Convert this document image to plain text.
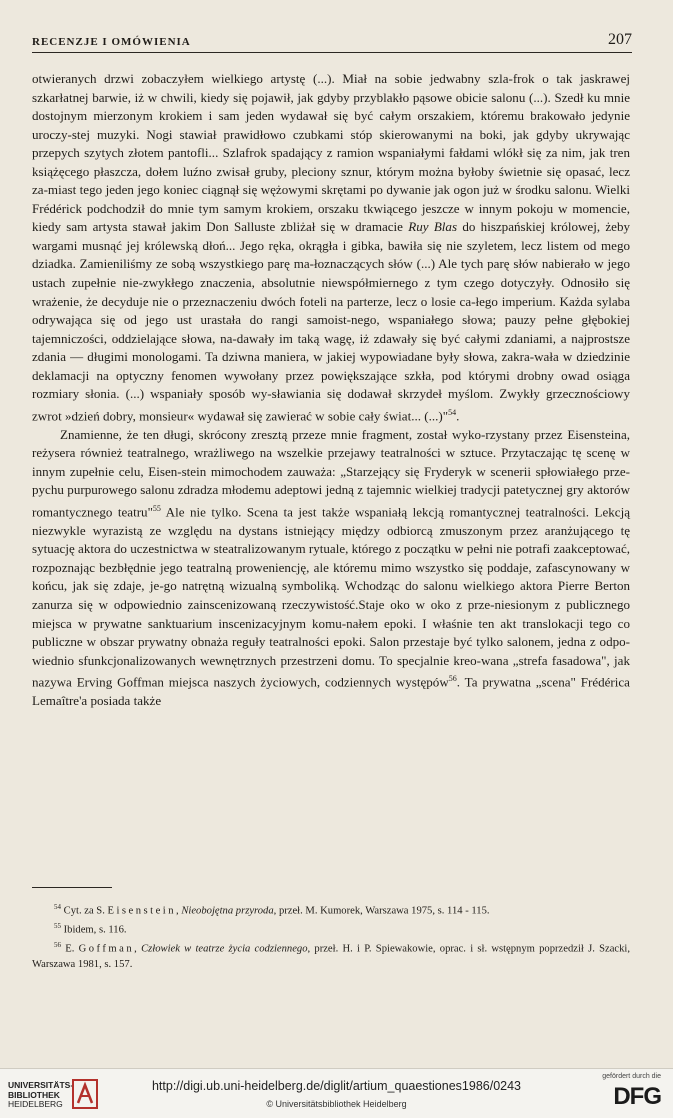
RECENZJE I OMÓWIENIA	207

otwieranych drzwi zobaczyłem wielkiego artystę (...). Miał na sobie jedwabny szla-frok o tak jaskrawej szkarłatnej barwie, iż w chwili, kiedy się pojawił, jak gdyby przyblakło pąsowe obicie salonu (...). Szedł ku mnie dostojnym mierzonym krokiem i sam jeden wydawał się być całym orszakiem, któremu brakowało jedynie uroczy-stej muzyki. Nogi stawiał prawidłowo czubkami stóp skierowanymi na boki, jak gdyby ukrywając przepych szytych złotem pantofli... Szlafrok spadający z ramion wspaniałymi fałdami wlókł się za nim, jak tren książęcego płaszcza, dołem luźno zwisał gruby, pleciony sznur, którym można byłoby świetnie się opasać, lecz za-miast tego jeden jego koniec ciągnął się wężowymi skrętami po dywanie jak ogon już w środku salonu. Wielki Frédérick podchodził do mnie tym samym krokiem, orszaku tkwiącego jeszcze w innym pokoju w momencie, kiedy sam artysta stawał jakim Don Salluste zbliżał się w dramacie Ruy Blas do hiszpańskiej królowej, żeby wargami musnąć jej królewską dłoń... Jego ręka, okrągła i gibka, bawiła się nie szyletem, lecz listem od mego dziadka. Zamieniliśmy ze sobą wszystkiego parę ma-łoznaczących słów (...) Ale tych parę słów nabierało w jego ustach zupełnie nie-zwykłego znaczenia, absolutnie niewspółmiernego z tym czego dotyczyły. Odnosiło się wrażenie, że decyduje nie o przeznaczeniu dwóch foteli na parterze, lecz o losie ca-łego imperium. Każda sylaba odrywająca się od jego ust urastała do rangi samoist-nego, wspaniałego słowa; pauzy pełne głębokiej tajemniczości, oddzielające słowa, na-dawały im taką wagę, iż zdawały się być całymi zdaniami, a najprostsze zdania — długimi monologami. Ta dziwna maniera, w jakiej wypowiadane były słowa, zakra-wała w dziedzinie deklamacji na optyczny fenomen wywołany przez powiększające szkła, pod którymi drobny owad osiąga rozmiary słonia. (...) wspaniały sposób wy-sławiania się dodawał skrzydeł myślom. Zwykły grzecznościowy zwrot »dzień dobry, monsieur« wydawał się zawierać w sobie cały świat... (...)"$^{54}$.

Znamienne, że ten długi, skrócony zresztą przeze mnie fragment, został wyko-rzystany przez Eisensteina, reżysera również teatralnego, wrażliwego na wszelkie przejawy teatralności w sztuce. Przytaczając tę scenę w innym zupełnie celu, Eisen-stein mimochodem zauważa: „Starzejący się Fryderyk w scenerii spłowiałego prze-pychu purpurowego salonu zdradza młodemu adeptowi jedną z tajemnic wielkiej tradycji patetycznej gry aktorów romantycznego teatru"$^{55}$ Ale nie tylko. Scena ta jest także wspaniałą lekcją romantycznej teatralności. Lekcją niezwykle wyrazistą ze względu na dystans istniejący między odbiorcą zmuszonym przez aranżującego tę sytuację aktora do uczestnictwa w steatralizowanym rytuale, którego z początku w pełni nie potrafi zaakceptować, rozpoznając bezbłędnie jego teatralną proweniencję, ale któremu mimo wszystko się poddaje, zafascynowany w końcu, jak się zdaje, je-go natrętną wizualną symboliką. Wchodząc do salonu wielkiego aktora Pierre Berton zanurza się w odpowiednio zainscenizowaną rzeczywistość.Staje oko w oko z prze-niesionym z publicznego miejsca w prywatne sanktuarium inscenizacyjnym komu-nałem epoki. I właśnie ten akt translokacji tego co publiczne w obszar prywatny obnaża reguły teatralności epoki. Salon przestaje być tylko salonem, jedna z odpo-wiednio sfunkcjonalizowanych wewnętrznych przestrzeni domu. To specjalnie kreo-wana „strefa fasadowa", jak nazywa Erving Goffman miejsca naszych życiowych, codziennych występów$^{56}$. Ta prywatna „scena" Frédérica Lemaître'a posiada także

$^{54}$ Cyt. za S. Eisenstein, Nieobojętna przyroda, przeł. M. Kumorek, Warszawa 1975, s. 114 - 115.

$^{55}$ Ibidem, s. 116.

$^{56}$ E. Goffman, Człowiek w teatrze życia codziennego, przeł. H. i P. Spiewakowie, oprac. i sł. wstępnym poprzedził J. Szacki, Warszawa 1981, s. 157.

UNIVERSITÄTS-
BIBLIOTHEK
HEIDELBERG
http://digi.ub.uni-heidelberg.de/diglit/artium_quaestiones1986/0243
© Universitätsbibliothek Heidelberg
gefördert durch die
DFG
